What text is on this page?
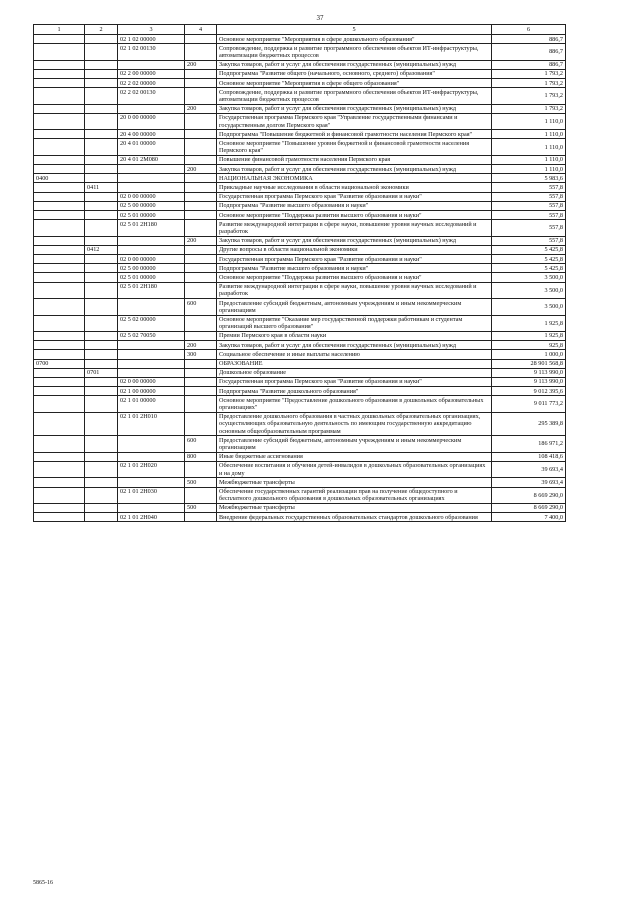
37
1	2	3	4	5	6
		02 1 02 00000		Основное мероприятие "Мероприятия в сфере дошкольного образования"	886,7
		02 1 02 00130		Сопровождение, поддержка и развитие программного обеспечения объектов ИТ-инфраструктуры, автоматизации бюджетных процессов	886,7
			200	Закупка товаров, работ и услуг для обеспечения государственных (муниципальных) нужд	886,7
		02 2 00 00000		Подпрограмма "Развитие общего (начального, основного, среднего) образования"	1 793,2
		02 2 02 00000		Основное мероприятие "Мероприятия в сфере общего образования"	1 793,2
		02 2 02 00130		Сопровождение, поддержка и развитие программного обеспечения объектов ИТ-инфраструктуры, автоматизации бюджетных процессов	1 793,2
			200	Закупка товаров, работ и услуг для обеспечения государственных (муниципальных) нужд	1 793,2
		20 0 00 00000		Государственная программа Пермского края "Управление государственными финансами и государственным долгом Пермского края"	1 110,0
		20 4 00 00000		Подпрограмма "Повышение бюджетной и финансовой грамотности населения Пермского края"	1 110,0
		20 4 01 00000		Основное мероприятие "Повышение уровня бюджетной и финансовой грамотности населения Пермского края"	1 110,0
		20 4 01 2М080		Повышение финансовой грамотности населения Пермского края	1 110,0
			200	Закупка товаров, работ и услуг для обеспечения государственных (муниципальных) нужд	1 110,0
0400				НАЦИОНАЛЬНАЯ ЭКОНОМИКА	5 983,6
	0411			Прикладные научные исследования в области национальной экономики	557,8
		02 0 00 00000		Государственная программа Пермского края "Развитие образования и науки"	557,8
		02 5 00 00000		Подпрограмма "Развитие высшего образования и науки"	557,8
		02 5 01 00000		Основное мероприятие "Поддержка развития высшего образования и науки"	557,8
		02 5 01 2Н180		Развитие международной интеграции в сфере науки, повышение уровня научных исследований и разработок	557,8
			200	Закупка товаров, работ и услуг для обеспечения государственных (муниципальных) нужд	557,8
	0412			Другие вопросы в области национальной экономики	5 425,8
		02 0 00 00000		Государственная программа Пермского края "Развитие образования и науки"	5 425,8
		02 5 00 00000		Подпрограмма "Развитие высшего образования и науки"	5 425,8
		02 5 01 00000		Основное мероприятие "Поддержка развития высшего образования и науки"	3 500,0
		02 5 01 2Н180		Развитие международной интеграции в сфере науки, повышение уровня научных исследований и разработок	3 500,0
			600	Предоставление субсидий бюджетным, автономным учреждениям и иным некоммерческим организациям	3 500,0
		02 5 02 00000		Основное мероприятие "Оказание мер государственной поддержки работникам и студентам организаций высшего образования"	1 925,8
		02 5 02 70050		Премии Пермского края в области науки	1 925,8
			200	Закупка товаров, работ и услуг для обеспечения государственных (муниципальных) нужд	925,8
			300	Социальное обеспечение и иные выплаты населению	1 000,0
0700				ОБРАЗОВАНИЕ	28 901 568,8
	0701			Дошкольное образование	9 113 990,0
		02 0 00 00000		Государственная программа Пермского края "Развитие образования и науки"	9 113 990,0
		02 1 00 00000		Подпрограмма "Развитие дошкольного образования"	9 012 395,6
		02 1 01 00000		Основное мероприятие "Предоставление дошкольного образования в дошкольных образовательных организациях"	9 011 773,2
		02 1 01 2Н010		Предоставление дошкольного образования в частных дошкольных образовательных организациях, осуществляющих образовательную деятельность по имеющим государственную аккредитацию основным общеобразовательным программам	295 389,8
			600	Предоставление субсидий бюджетным, автономным учреждениям и иным некоммерческим организациям	186 971,2
			800	Иные бюджетные ассигнования	108 418,6
		02 1 01 2Н020		Обеспечение воспитания и обучения детей-инвалидов в дошкольных образовательных организациях и на дому	39 693,4
			500	Межбюджетные трансферты	39 693,4
		02 1 01 2Н030		Обеспечение государственных гарантий реализации прав на получение общедоступного и бесплатного дошкольного образования в дошкольных образовательных организациях	8 669 290,0
			500	Межбюджетные трансферты	8 669 290,0
		02 1 01 2Н040		Внедрение федеральных государственных образовательных стандартов дошкольного образования	7 400,0
5865-16
